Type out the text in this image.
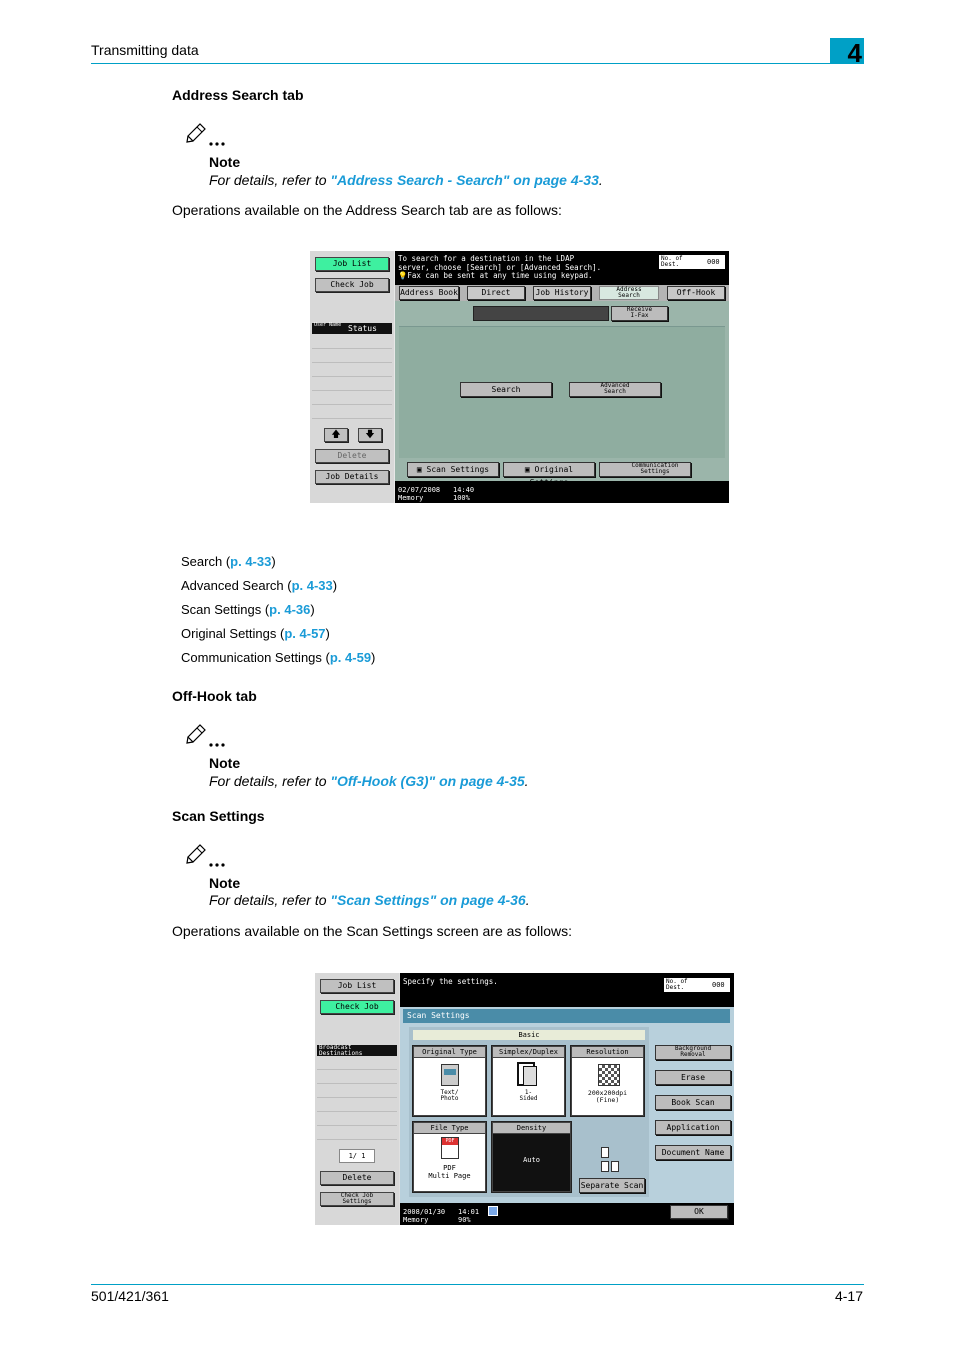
Transmitting data	4
Address Search tab
Note
For details, refer to "Address Search - Search" on page 4-33.
Operations available on the Address Search tab are as follows:
Job List
Check Job
User Name Status
🡅	🡇
Delete
Job Details
To search for a destination in the LDAP
server, choose [Search] or [Advanced Search].
💡Fax can be sent at any time using keypad.
No. of
Dest.	000
Address Book	Direct	Job History	Address
Search	Off-Hook
Receive
I-Fax
Search	Advanced
Search
▣ Scan Settings	▣ Original	Communication
Settings
02/07/2008 14:40
Memory	100%
Search (p. 4-33)
Advanced Search (p. 4-33)
Scan Settings (p. 4-36)
Original Settings (p. 4-57)
Communication Settings (p. 4-59)
Off-Hook tab
Note
For details, refer to "Off-Hook (G3)" on page 4-35.
Scan Settings
Note
For details, refer to "Scan Settings" on page 4-36.
Operations available on the Scan Settings screen are as follows:
Job List
Check Job
Broadcast
Destinations
1/ 1
Delete
Check Job
Settings
Specify the settings.	No. of
Dest.	000
Scan Settings
Basic
Original Type
Text/
Photo
Simplex/Duplex
1-
Sided
Resolution
200x200dpi
(Fine)
File Type
PDF
PDF
Multi Page
Density
Auto
Separate Scan
Background
Removal
Erase
Book Scan
Application
Document Name
2008/01/30 14:01
Memory	90%
OK
501/421/361	4-17
